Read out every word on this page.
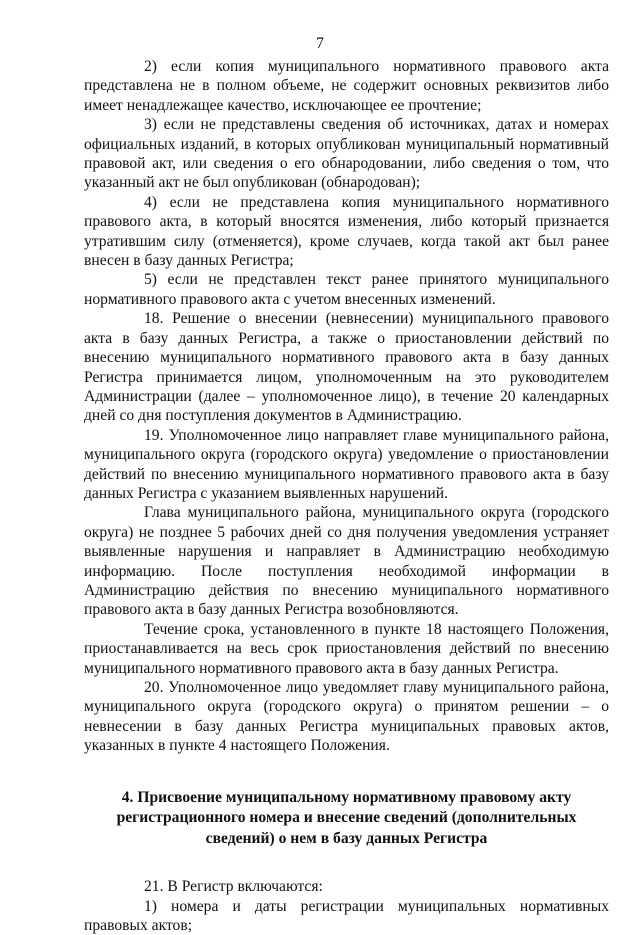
7

2) если копия муниципального нормативного правового акта представлена не в полном объеме, не содержит основных реквизитов либо имеет ненадлежащее качество, исключающее ее прочтение;

3) если не представлены сведения об источниках, датах и номерах официальных изданий, в которых опубликован муниципальный нормативный правовой акт, или сведения о его обнародовании, либо сведения о том, что указанный акт не был опубликован (обнародован);

4) если не представлена копия муниципального нормативного правового акта, в который вносятся изменения, либо который признается утратившим силу (отменяется), кроме случаев, когда такой акт был ранее внесен в базу данных Регистра;

5) если не представлен текст ранее принятого муниципального нормативного правового акта с учетом внесенных изменений.

18. Решение о внесении (невнесении) муниципального правового акта в базу данных Регистра, а также о приостановлении действий по внесению муниципального нормативного правового акта в базу данных Регистра принимается лицом, уполномоченным на это руководителем Администрации (далее – уполномоченное лицо), в течение 20 календарных дней со дня поступления документов в Администрацию.

19. Уполномоченное лицо направляет главе муниципального района, муниципального округа (городского округа) уведомление о приостановлении действий по внесению муниципального нормативного правового акта в базу данных Регистра с указанием выявленных нарушений.

Глава муниципального района, муниципального округа (городского округа) не позднее 5 рабочих дней со дня получения уведомления устраняет выявленные нарушения и направляет в Администрацию необходимую информацию. После поступления необходимой информации в Администрацию действия по внесению муниципального нормативного правового акта в базу данных Регистра возобновляются.

Течение срока, установленного в пункте 18 настоящего Положения, приостанавливается на весь срок приостановления действий по внесению муниципального нормативного правового акта в базу данных Регистра.

20. Уполномоченное лицо уведомляет главу муниципального района, муниципального округа (городского округа) о принятом решении – о невнесении в базу данных Регистра муниципальных правовых актов, указанных в пункте 4 настоящего Положения.

4. Присвоение муниципальному нормативному правовому акту регистрационного номера и внесение сведений (дополнительных сведений) о нем в базу данных Регистра

21. В Регистр включаются:

1) номера и даты регистрации муниципальных нормативных правовых актов;
